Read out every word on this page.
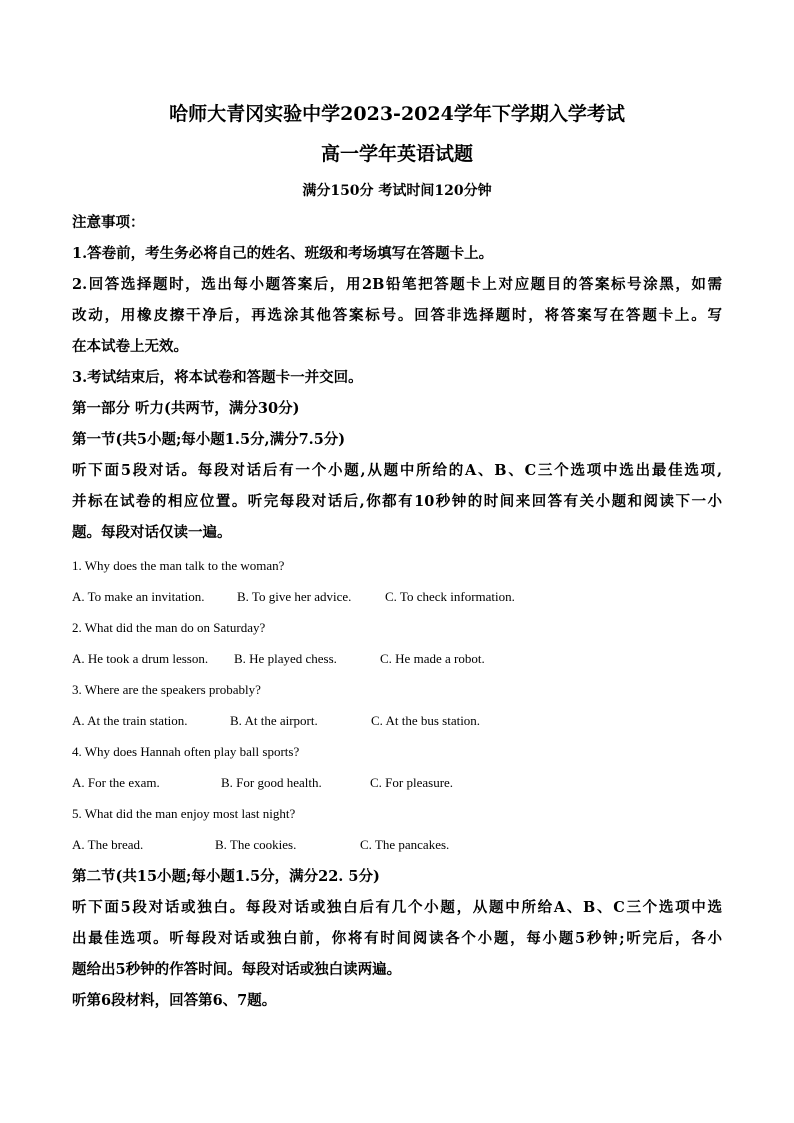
哈师大青冈实验中学2023-2024学年下学期入学考试
高一学年英语试题
满分150分 考试时间120分钟
注意事项：
1.答卷前，考生务必将自己的姓名、班级和考场填写在答题卡上。
2.回答选择题时，选出每小题答案后，用2B铅笔把答题卡上对应题目的答案标号涂黑，如需
改动，用橡皮擦干净后，再选涂其他答案标号。回答非选择题时，将答案写在答题卡上。写
在本试卷上无效。
3.考试结束后，将本试卷和答题卡一并交回。
第一部分 听力(共两节，满分30分)
第一节(共5小题;每小题1.5分,满分7.5分)
听下面5段对话。每段对话后有一个小题,从题中所给的A、B、C三个选项中选出最佳选项,
并标在试卷的相应位置。听完每段对话后,你都有10秒钟的时间来回答有关小题和阅读下一小
题。每段对话仅读一遍。
1. Why does the man talk to the woman?
A. To make an invitation.	B. To give her advice.	C. To check information.
2. What did the man do on Saturday?
A. He took a drum lesson. B. He played chess.	C. He made a robot.
3. Where are the speakers probably?
A. At the train station.	B. At the airport.	C. At the bus station.
4. Why does Hannah often play ball sports?
A. For the exam.	B. For good health.	C. For pleasure.
5. What did the man enjoy most last night?
A. The bread.	B. The cookies.	C. The pancakes.
第二节(共15小题;每小题1.5分，满分22. 5分)
听下面5段对话或独白。每段对话或独白后有几个小题，从题中所给A、B、C三个选项中选
出最佳选项。听每段对话或独白前，你将有时间阅读各个小题，每小题5秒钟;听完后，各小
题给出5秒钟的作答时间。每段对话或独白读两遍。
听第6段材料，回答第6、7题。
